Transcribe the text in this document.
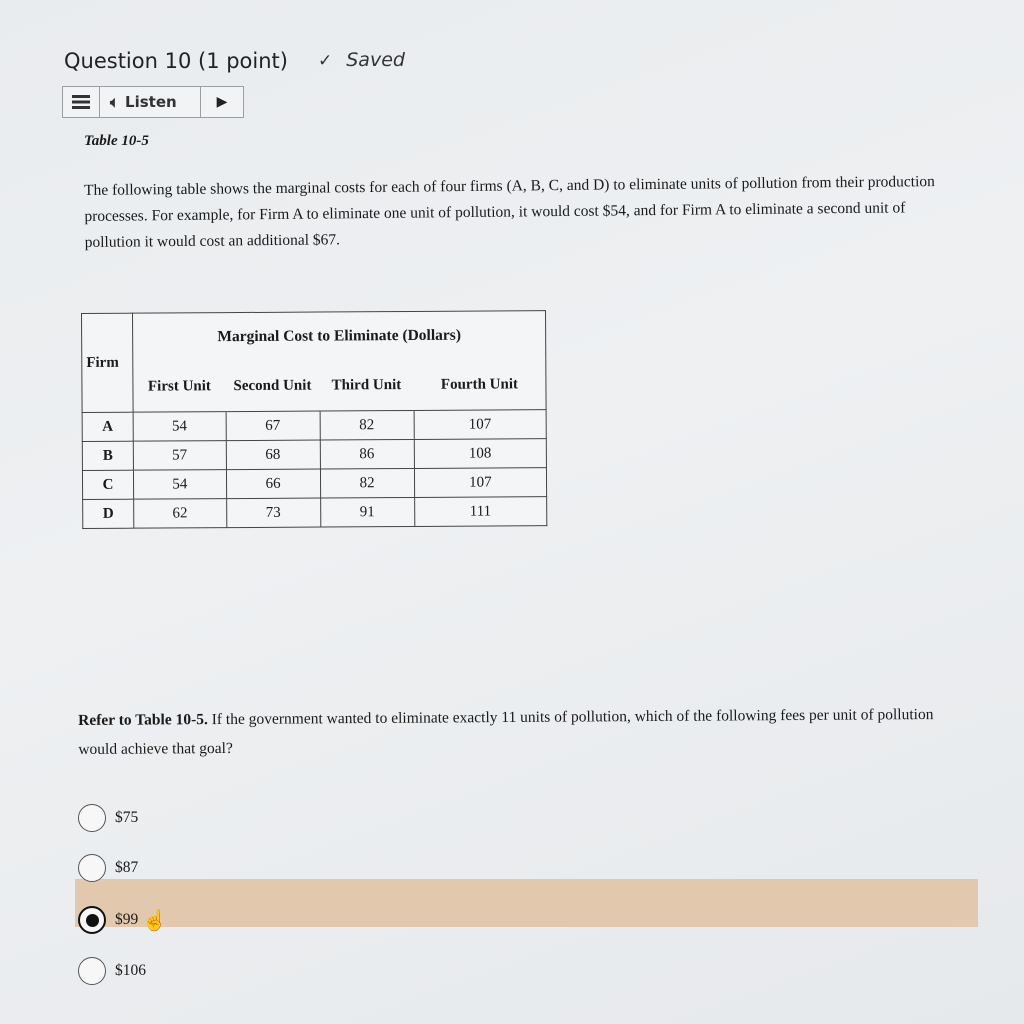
Question 10 (1 point) ✓ Saved
🔈︎ Listen	▶
Table 10-5
The following table shows the marginal costs for each of four firms (A, B, C, and D) to eliminate units of pollution from their production processes. For example, for Firm A to eliminate one unit of pollution, it would cost $54, and for Firm A to eliminate a second unit of pollution it would cost an additional $67.
Firm	Marginal Cost to Eliminate (Dollars)			
	First Unit	Second Unit	Third Unit	Fourth Unit
A	54	67	82	107
B	57	68	86	108
C	54	66	82	107
D	62	73	91	111
Refer to Table 10-5. If the government wanted to eliminate exactly 11 units of pollution, which of the following fees per unit of pollution would achieve that goal?
$75
$87
$99 ☝
$106
